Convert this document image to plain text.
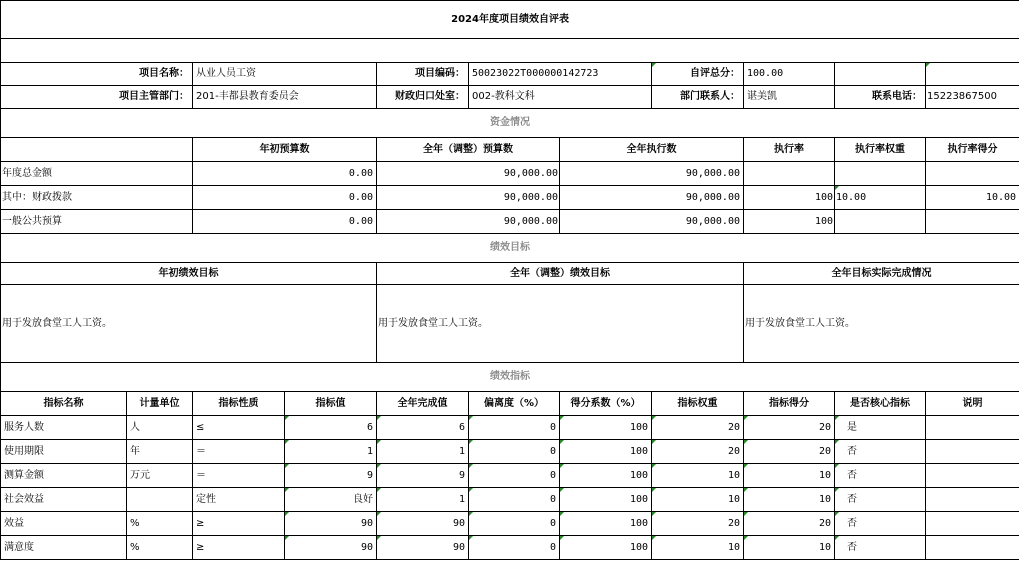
2024年度项目绩效自评表										

项目名称：		从业人员工资		项目编码：	50023022T000000142723		自评总分：	100.00		
项目主管部门：		201-丰都县教育委员会		财政归口处室：	002-教科文科		部门联系人：	谌美凯	联系电话：	15223867500
资金情况										
		年初预算数		全年（调整）预算数		全年执行数		执行率	执行率权重	执行率得分
年度总金额		0.00		90,000.00		90,000.00				
其中：财政拨款		0.00		90,000.00		90,000.00		100	10.00	10.00
一般公共预算		0.00		90,000.00		90,000.00		100		
绩效目标										
年初绩效目标				全年（调整）绩效目标				全年目标实际完成情况		
用于发放食堂工人工资。				用于发放食堂工人工资。				用于发放食堂工人工资。		
绩效指标										
指标名称	计量单位	指标性质	指标值	全年完成值	偏离度（%）	得分系数（%）	指标权重	指标得分	是否核心指标	说明
服务人数	人	≤	6	6	0	100	20	20	是	
使用期限	年	＝	1	1	0	100	20	20	否	
测算金额	万元	＝	9	9	0	100	10	10	否	
社会效益		定性	良好	1	0	100	10	10	否	
效益	%	≥	90	90	0	100	20	20	否	
满意度	%	≥	90	90	0	100	10	10	否	
